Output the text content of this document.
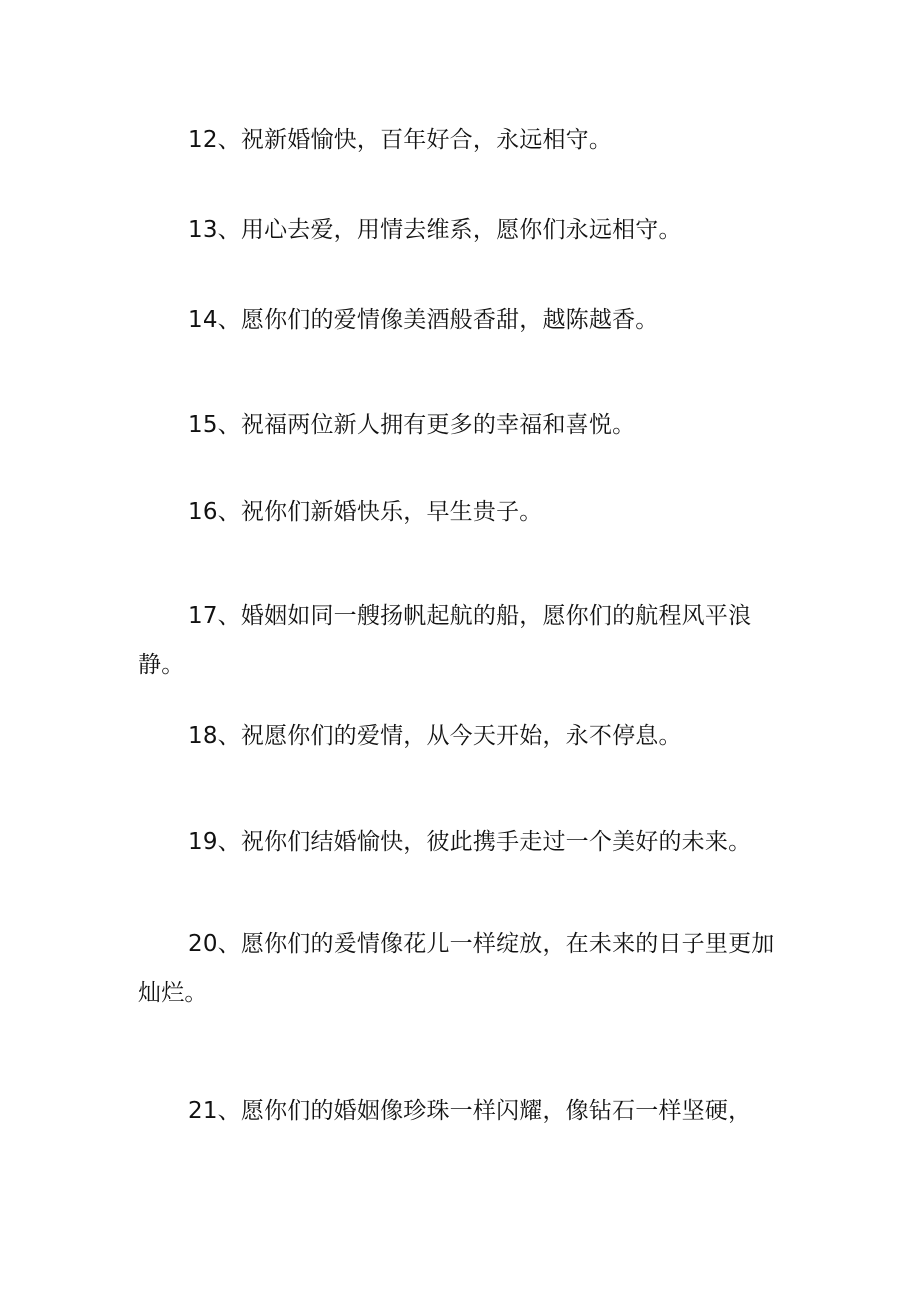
12、祝新婚愉快，百年好合，永远相守。

13、用心去爱，用情去维系，愿你们永远相守。

14、愿你们的爱情像美酒般香甜，越陈越香。

15、祝福两位新人拥有更多的幸福和喜悦。

16、祝你们新婚快乐，早生贵子。

17、婚姻如同一艘扬帆起航的船，愿你们的航程风平浪静。

18、祝愿你们的爱情，从今天开始，永不停息。

19、祝你们结婚愉快，彼此携手走过一个美好的未来。

20、愿你们的爰情像花儿一样绽放，在未来的日子里更加灿烂。

21、愿你们的婚姻像珍珠一样闪耀，像钻石一样坚硬，
